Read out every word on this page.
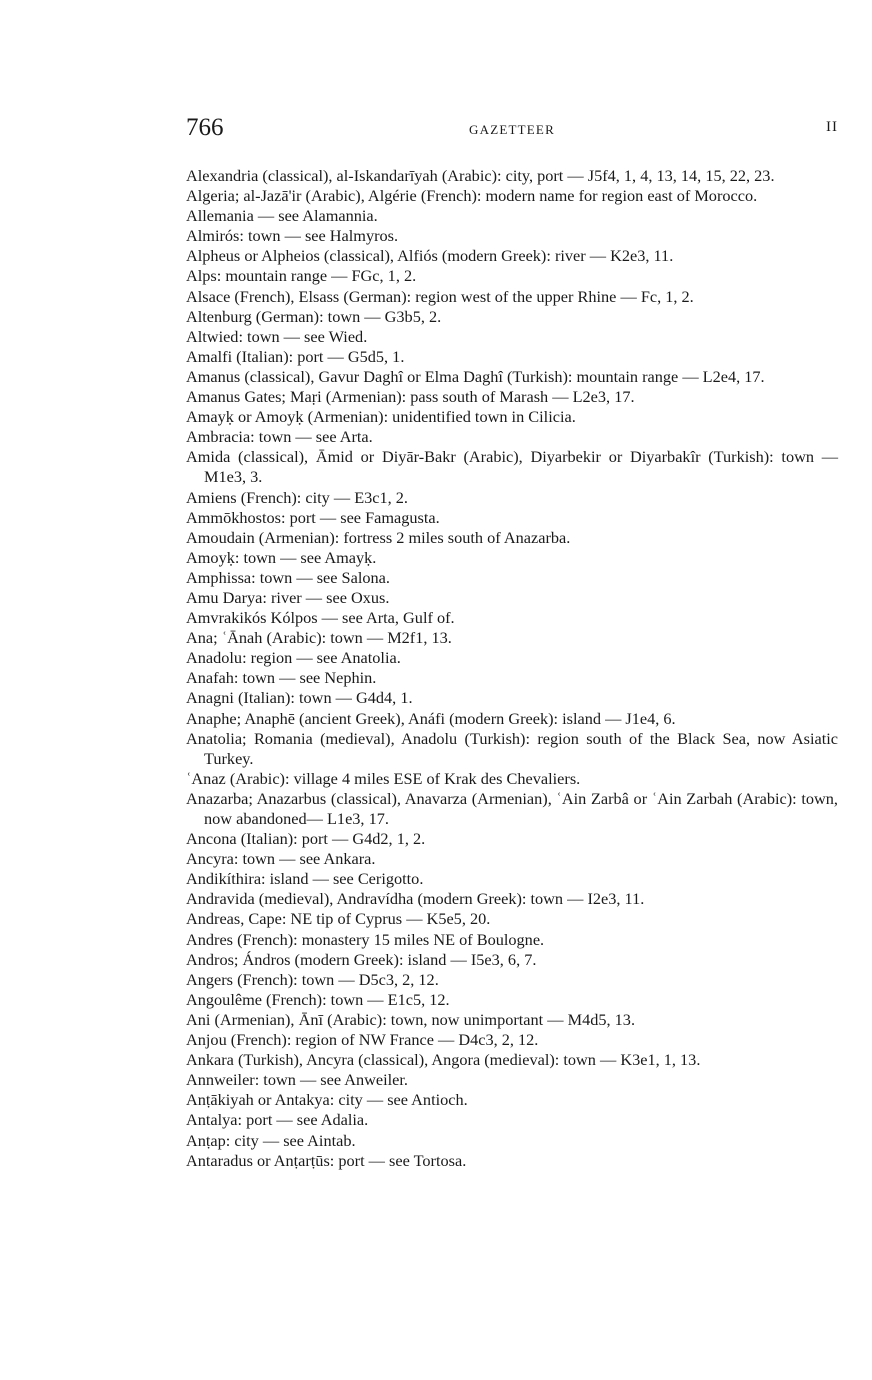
766	GAZETTEER	II
Alexandria (classical), al-Iskandarīyah (Arabic): city, port — J5f4, 1, 4, 13, 14, 15, 22, 23.
Algeria; al-Jazā'ir (Arabic), Algérie (French): modern name for region east of Morocco.
Allemania — see Alamannia.
Almirós: town — see Halmyros.
Alpheus or Alpheios (classical), Alfiós (modern Greek): river — K2e3, 11.
Alps: mountain range — FGc, 1, 2.
Alsace (French), Elsass (German): region west of the upper Rhine — Fc, 1, 2.
Altenburg (German): town — G3b5, 2.
Altwied: town — see Wied.
Amalfi (Italian): port — G5d5, 1.
Amanus (classical), Gavur Daghî or Elma Daghî (Turkish): mountain range — L2e4, 17.
Amanus Gates; Maṛi (Armenian): pass south of Marash — L2e3, 17.
Amayḳ or Amoyḳ (Armenian): unidentified town in Cilicia.
Ambracia: town — see Arta.
Amida (classical), Āmid or Diyār-Bakr (Arabic), Diyarbekir or Diyarbakîr (Turkish): town — M1e3, 3.
Amiens (French): city — E3c1, 2.
Ammōkhostos: port — see Famagusta.
Amoudain (Armenian): fortress 2 miles south of Anazarba.
Amoyḳ: town — see Amayḳ.
Amphissa: town — see Salona.
Amu Darya: river — see Oxus.
Amvrakikós Kólpos — see Arta, Gulf of.
Ana; ʿĀnah (Arabic): town — M2f1, 13.
Anadolu: region — see Anatolia.
Anafah: town — see Nephin.
Anagni (Italian): town — G4d4, 1.
Anaphe; Anaphē (ancient Greek), Anáfi (modern Greek): island — J1e4, 6.
Anatolia; Romania (medieval), Anadolu (Turkish): region south of the Black Sea, now Asiatic Turkey.
ʿAnaz (Arabic): village 4 miles ESE of Krak des Chevaliers.
Anazarba; Anazarbus (classical), Anavarza (Armenian), ʿAin Zarbâ or ʿAin Zarbah (Arabic): town, now abandoned— L1e3, 17.
Ancona (Italian): port — G4d2, 1, 2.
Ancyra: town — see Ankara.
Andikíthira: island — see Cerigotto.
Andravida (medieval), Andravídha (modern Greek): town — I2e3, 11.
Andreas, Cape: NE tip of Cyprus — K5e5, 20.
Andres (French): monastery 15 miles NE of Boulogne.
Andros; Ándros (modern Greek): island — I5e3, 6, 7.
Angers (French): town — D5c3, 2, 12.
Angoulême (French): town — E1c5, 12.
Ani (Armenian), Ānī (Arabic): town, now unimportant — M4d5, 13.
Anjou (French): region of NW France — D4c3, 2, 12.
Ankara (Turkish), Ancyra (classical), Angora (medieval): town — K3e1, 1, 13.
Annweiler: town — see Anweiler.
Anṭākiyah or Antakya: city — see Antioch.
Antalya: port — see Adalia.
Anṭap: city — see Aintab.
Antaradus or Anṭarṭūs: port — see Tortosa.
